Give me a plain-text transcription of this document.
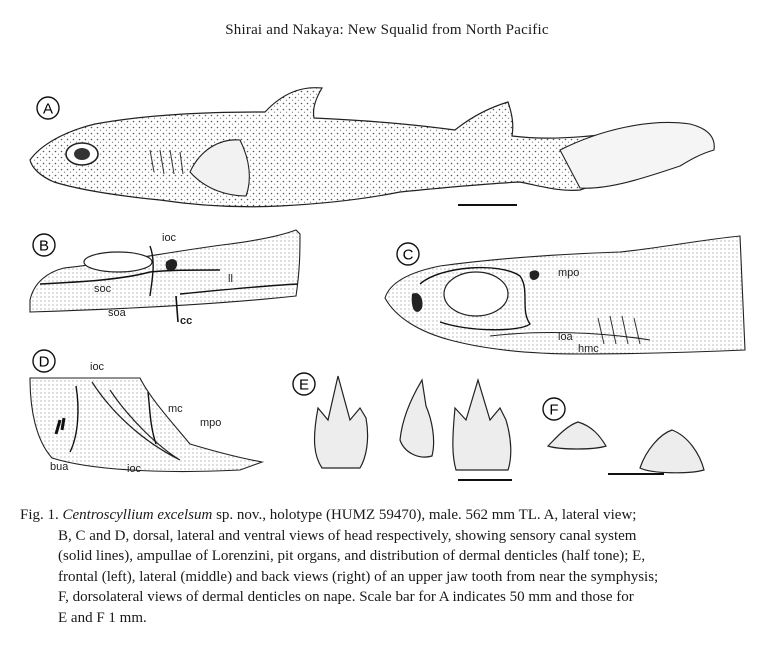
Shirai and Nakaya: New Squalid from North Pacific
A
B	ioc
soc
soa
ll
cc
C
mpo
loa
hmc
D	ioc
mc
mpo
bua	ioc
E
F
Fig. 1. Centroscyllium excelsum sp. nov., holotype (HUMZ 59470), male. 562 mm TL. A, lateral view;
B, C and D, dorsal, lateral and ventral views of head respectively, showing sensory canal system
(solid lines), ampullae of Lorenzini, pit organs, and distribution of dermal denticles (half tone); E,
frontal (left), lateral (middle) and back views (right) of an upper jaw tooth from near the symphysis;
F, dorsolateral views of dermal denticles on nape. Scale bar for A indicates 50 mm and those for
E and F 1 mm.
